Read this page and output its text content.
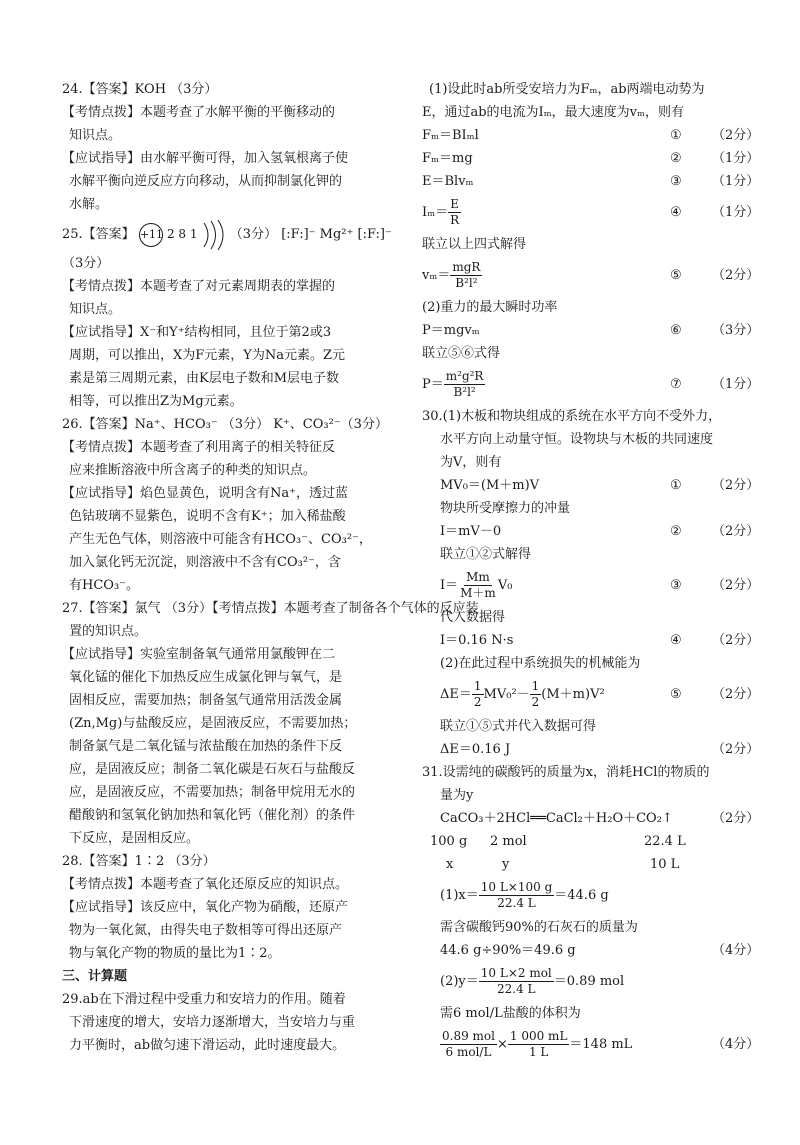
24.【答案】KOH （3分）
【考情点拨】本题考查了水解平衡的平衡移动的
知识点。
【应试指导】由水解平衡可得，加入氢氧根离子使
水解平衡向逆反应方向移动，从而抑制氯化钾的
水解。
25.【答案】 +11 2 8 1 （3分） [:F:]⁻ Mg²⁺ [:F:]⁻
（3分）
【考情点拨】本题考查了对元素周期表的掌握的
知识点。
【应试指导】X⁻和Y⁺结构相同，且位于第2或3
周期，可以推出，X为F元素，Y为Na元素。Z元
素是第三周期元素，由K层电子数和M层电子数
相等，可以推出Z为Mg元素。
26.【答案】Na⁺、HCO₃⁻ （3分） K⁺、CO₃²⁻（3分）
【考情点拨】本题考查了利用离子的相关特征反
应来推断溶液中所含离子的种类的知识点。
【应试指导】焰色显黄色，说明含有Na⁺，透过蓝
色钴玻璃不显紫色，说明不含有K⁺；加入稀盐酸
产生无色气体，则溶液中可能含有HCO₃⁻、CO₃²⁻，
加入氯化钙无沉淀，则溶液中不含有CO₃²⁻，含
有HCO₃⁻。
27.【答案】氯气 （3分）【考情点拨】本题考查了制备各个气体的反应装
置的知识点。
【应试指导】实验室制备氧气通常用氯酸钾在二
氧化锰的催化下加热反应生成氯化钾与氧气，是
固相反应，需要加热；制备氢气通常用活泼金属
(Zn,Mg)与盐酸反应，是固液反应，不需要加热；
制备氯气是二氧化锰与浓盐酸在加热的条件下反
应，是固液反应；制备二氧化碳是石灰石与盐酸反
应，是固液反应，不需要加热；制备甲烷用无水的
醋酸钠和氢氧化钠加热和氧化钙（催化剂）的条件
下反应，是固相反应。
28.【答案】1∶2 （3分）
【考情点拨】本题考查了氧化还原反应的知识点。
【应试指导】该反应中，氧化产物为硝酸，还原产
物为一氧化氮，由得失电子数相等可得出还原产
物与氧化产物的物质的量比为1∶2。
三、计算题
29.ab在下滑过程中受重力和安培力的作用。随着
下滑速度的增大，安培力逐渐增大，当安培力与重
力平衡时，ab做匀速下滑运动，此时速度最大。
(1)设此时ab所受安培力为Fₘ，ab两端电动势为
E，通过ab的电流为Iₘ，最大速度为vₘ，则有
Fₘ＝BIₘl	① （2分）
Fₘ＝mg	② （1分）
E＝Blvₘ	③ （1分）
$I_m= \frac{E}{R}$	④ （1分）
联立以上四式解得
vₘ＝
mgR
B²l²	⑤ （2分）
(2)重力的最大瞬时功率
P＝mgvₘ	⑥ （3分）
联立⑤⑥式得
$P= \frac{\text{m²g²R}}{\text{B²l²}}$	⑦ （1分）
30.(1)木板和物块组成的系统在水平方向不受外力，
水平方向上动量守恒。设物块与木板的共同速度
为V，则有
MV₀＝(M＋m)V	① （2分）
物块所受摩擦力的冲量
I＝mV－0	② （2分）
联立①②式解得
$I= \frac{Mm}{M+m} V_0$	③ （2分）
代入数据得
I＝0.16 N·s	④ （2分）
(2)在此过程中系统损失的机械能为
$\Delta E= \frac{1}{2} MV_0^2- \frac{1}{2} (M+m)V^2$	⑤ （2分）
联立①⑤式并代入数据可得
ΔE＝0.16 J	（2分）
31.设需纯的碳酸钙的质量为x，消耗HCl的物质的
量为y
CaCO₃＋2HCl══CaCl₂＋H₂O＋CO₂↑	（2分）
100 g 2 mol	22.4 L
x	y	10 L
$(1)x= \frac{10 L\times 100 g}{22.4 L} =44.6$ g
需含碳酸钙90%的石灰石的质量为
44.6 g÷90%＝49.6 g	（4分）
(2)y＝
10 L×2 mol
22.4 L ＝0.89 mol
需6 mol/L盐酸的体积为
0.89 mol
6 $mol/L \times \frac{1 000 mL}{1 L} =148$ mL	（4分）
